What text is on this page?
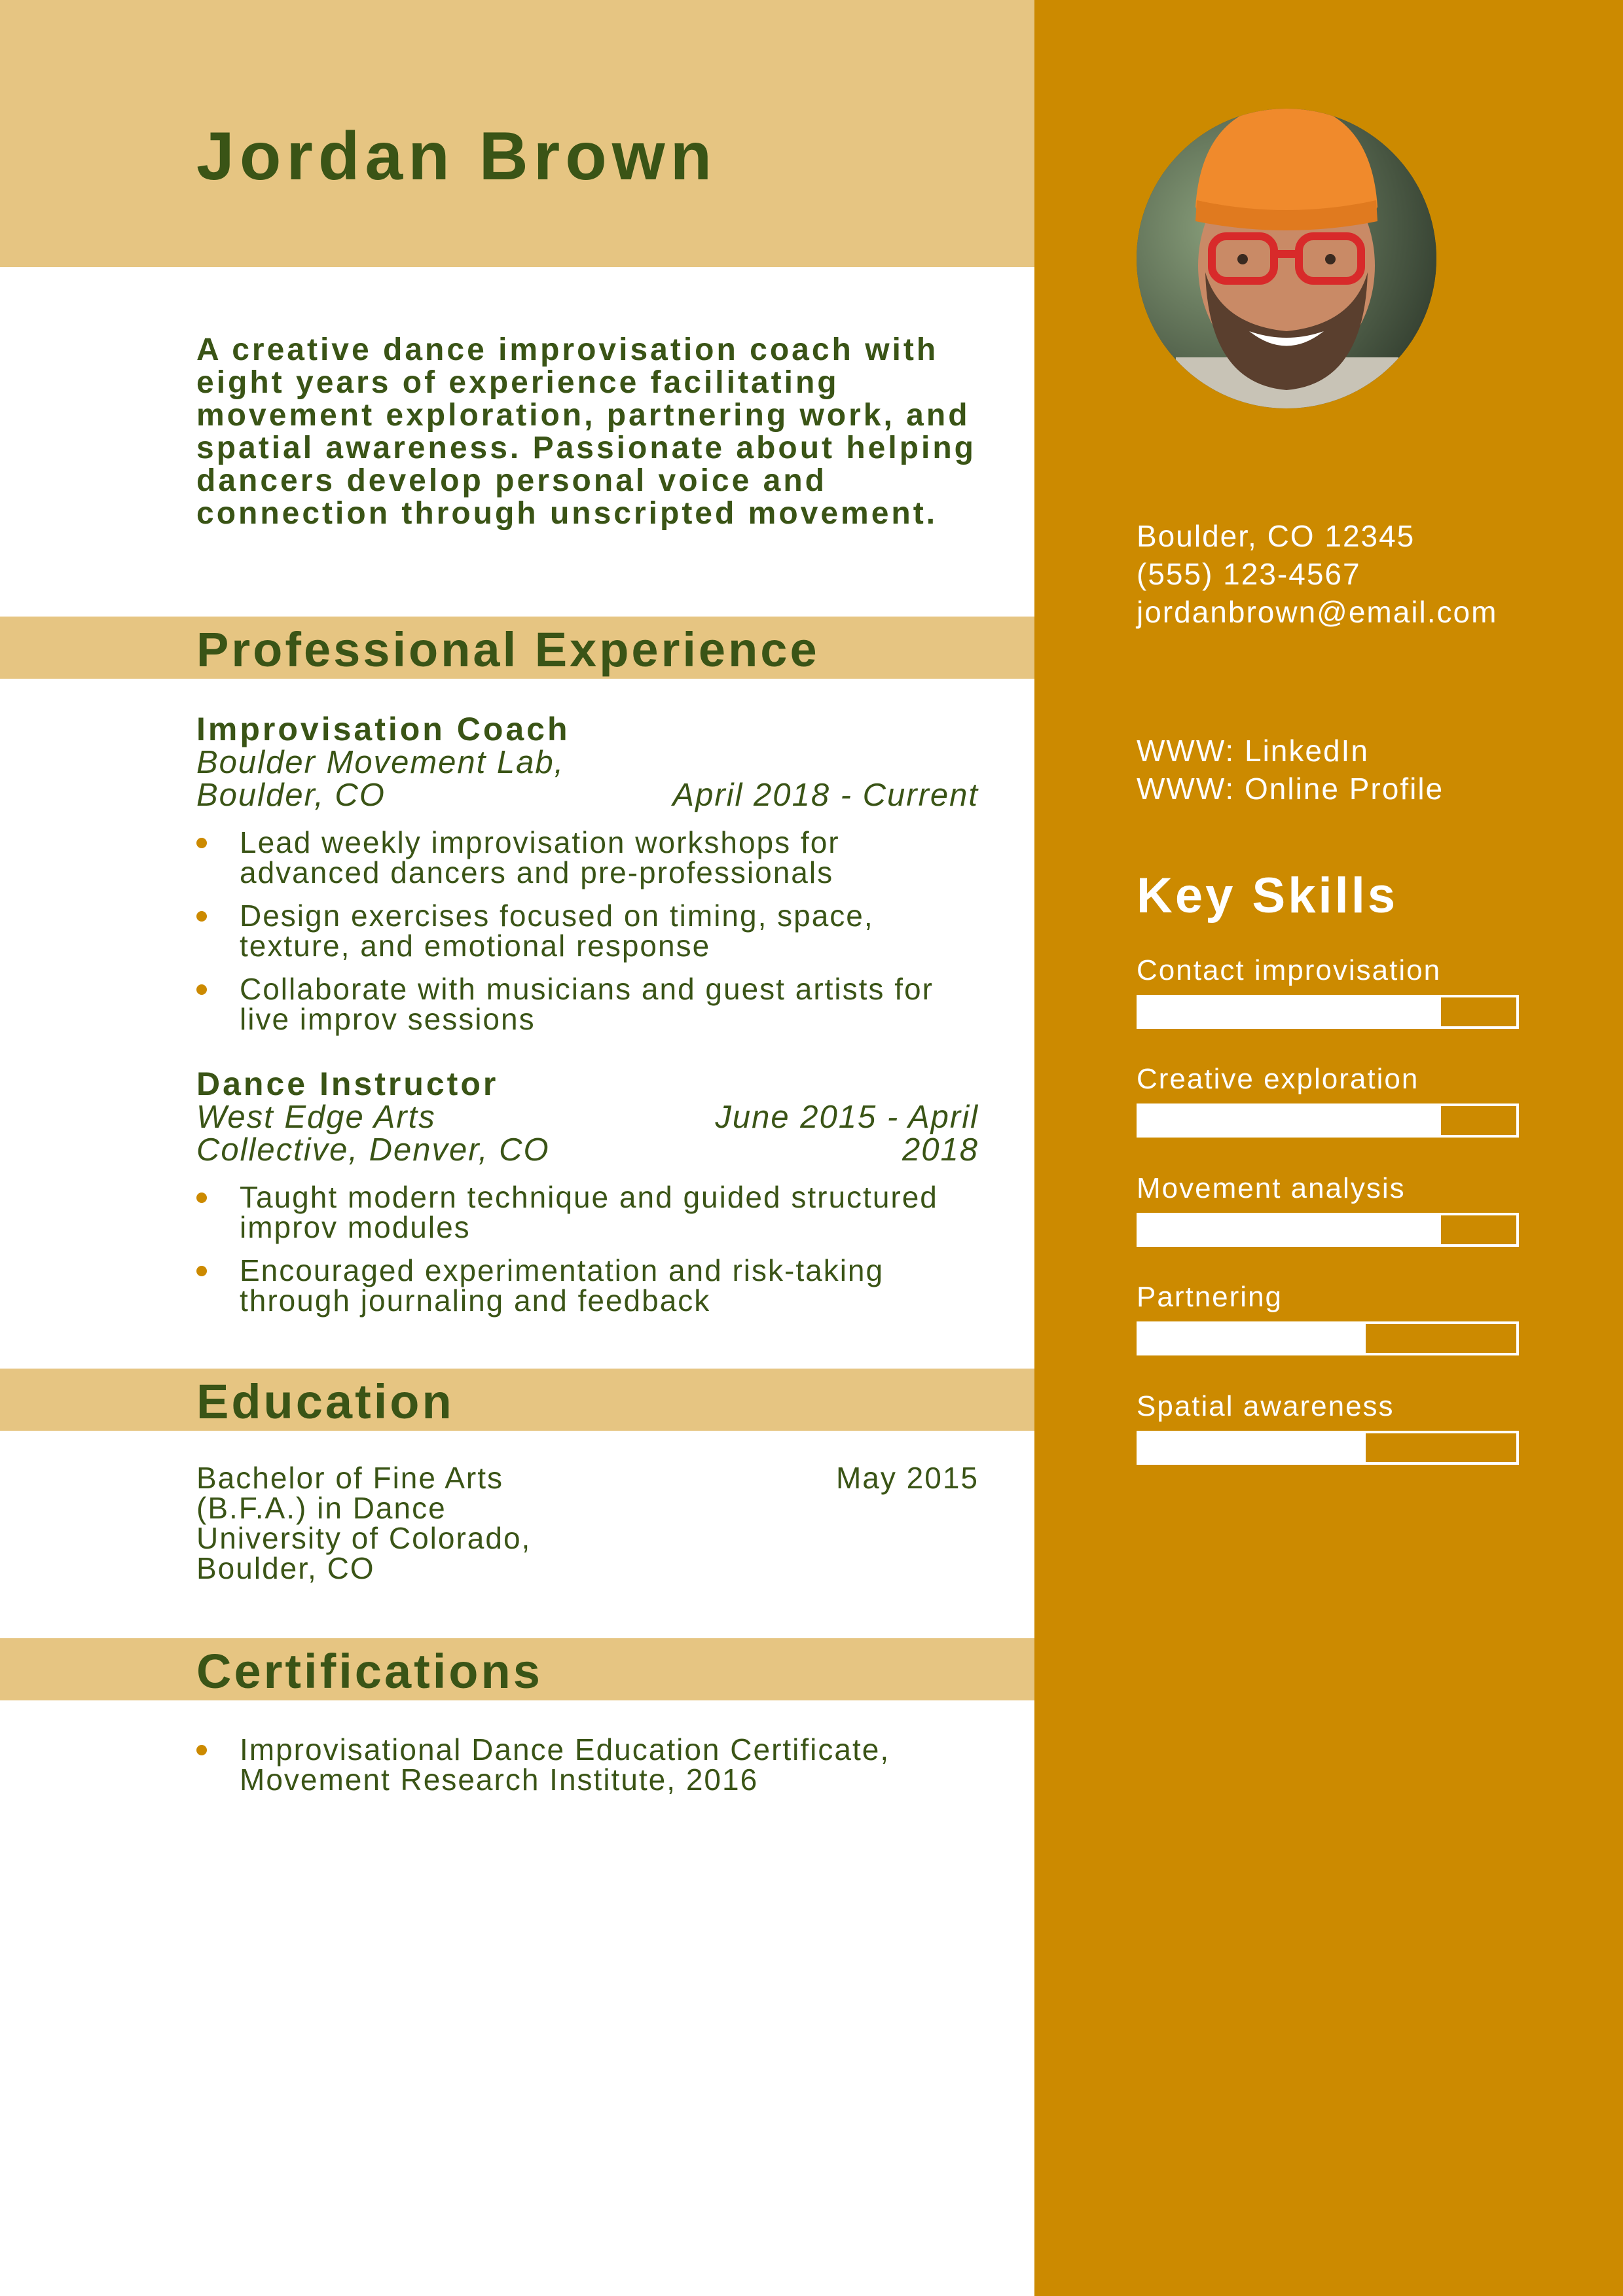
Jordan Brown

A creative dance improvisation coach with eight years of experience facilitating movement exploration, partnering work, and spatial awareness. Passionate about helping dancers develop personal voice and connection through unscripted movement.

Professional Experience
Improvisation Coach
Boulder Movement Lab, Boulder, CO	April 2018 - Current
Lead weekly improvisation workshops for advanced dancers and pre-professionals
Design exercises focused on timing, space, texture, and emotional response
Collaborate with musicians and guest artists for live improv sessions
Dance Instructor
West Edge Arts Collective, Denver, CO
June 2015 - April 2018
Taught modern technique and guided structured improv modules
Encouraged experimentation and risk-taking through journaling and feedback
Education
Bachelor of Fine Arts (B.F.A.) in Dance
University of Colorado, Boulder, CO
May 2015
Certifications
Improvisational Dance Education Certificate, Movement Research Institute, 2016
Boulder, CO 12345
(555) 123-4567
jordanbrown@email.com
WWW: LinkedIn
WWW: Online Profile
Key Skills
Contact improvisation
Creative exploration
Movement analysis
Partnering
Spatial awareness
